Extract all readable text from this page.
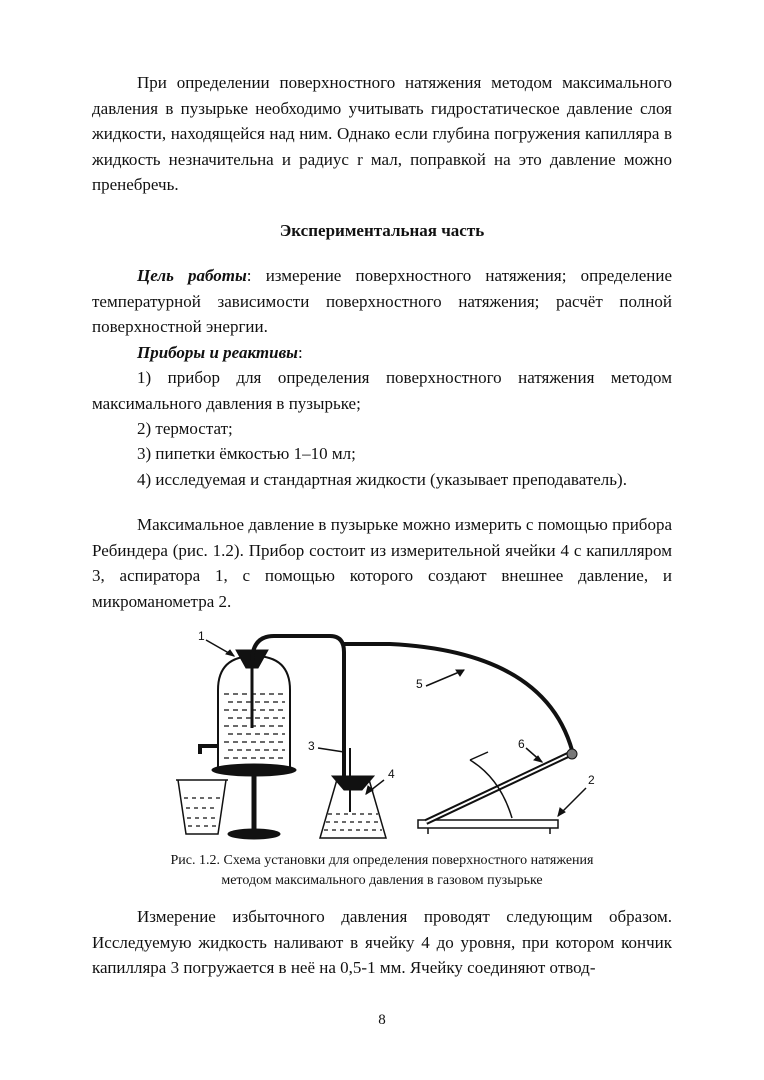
При определении поверхностного натяжения методом максимального давления в пузырьке необходимо учитывать гидростатическое давление слоя жидкости, находящейся над ним. Однако если глубина погружения капилляра в жидкость незначительна и радиус r мал, поправкой на это давление можно пренебречь.

Экспериментальная часть

Цель работы: измерение поверхностного натяжения; определение температурной зависимости поверхностного натяжения; расчёт полной поверхностной энергии.

Приборы и реактивы:

1) прибор для определения поверхностного натяжения методом максимального давления в пузырьке;

2) термостат;

3) пипетки ёмкостью 1–10 мл;

4) исследуемая и стандартная жидкости (указывает преподаватель).

Максимальное давление в пузырьке можно измерить с помощью прибора Ребиндера (рис. 1.2). Прибор состоит из измерительной ячейки 4 с капилляром 3, аспиратора 1, с помощью которого создают внешнее давление, и микроманометра 2.

1
2
3
4
5
6

Рис. 1.2. Схема установки для определения поверхностного натяжения
методом максимального давления в газовом пузырьке

Измерение избыточного давления проводят следующим образом. Исследуемую жидкость наливают в ячейку 4 до уровня, при котором кончик капилляра 3 погружается в неё на 0,5-1 мм. Ячейку соединяют отвод-

8
